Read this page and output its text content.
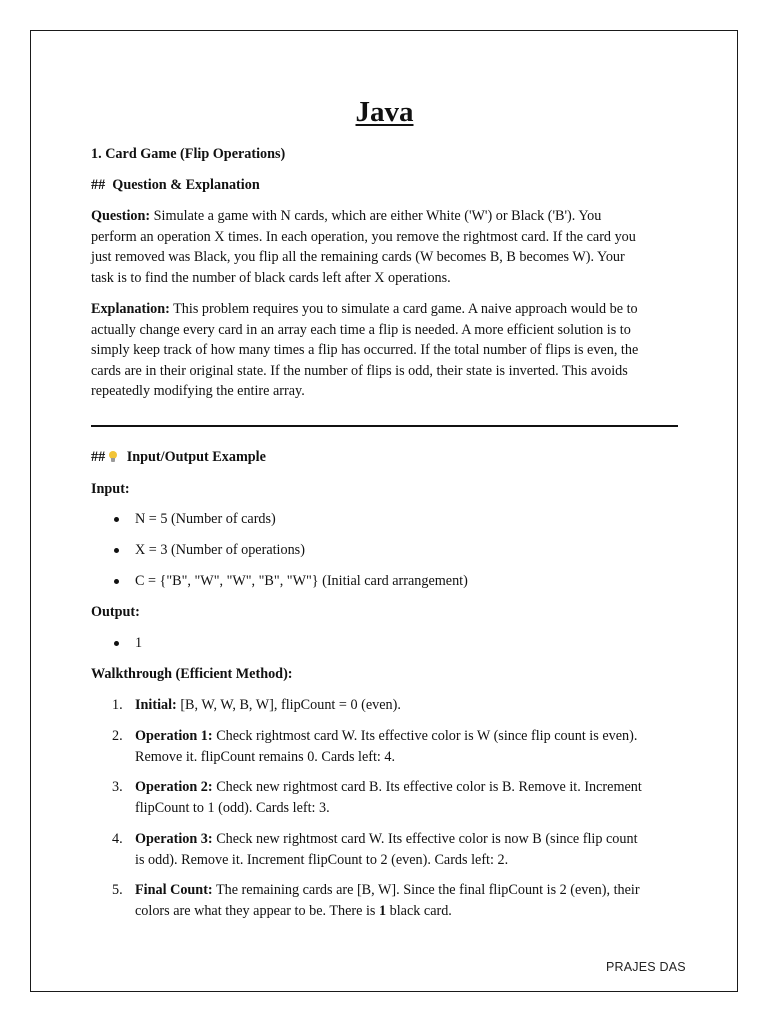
Java

1. Card Game (Flip Operations)

## Question & Explanation

Question: Simulate a game with N cards, which are either White ('W') or Black ('B'). You

perform an operation X times. In each operation, you remove the rightmost card. If the card you

just removed was Black, you flip all the remaining cards (W becomes B, B becomes W). Your

task is to find the number of black cards left after X operations.

Explanation: This problem requires you to simulate a card game. A naive approach would be to

actually change every card in an array each time a flip is needed. A more efficient solution is to

simply keep track of how many times a flip has occurred. If the total number of flips is even, the

cards are in their original state. If the number of flips is odd, their state is inverted. This avoids

repeatedly modifying the entire array.

## Input/Output Example

Input:

N = 5 (Number of cards)
X = 3 (Number of operations)
C = {"B", "W", "W", "B", "W"} (Initial card arrangement)

Output:

1

Walkthrough (Efficient Method):

1. Initial: [B, W, W, B, W], flipCount = 0 (even).

2. Operation 1: Check rightmost card W. Its effective color is W (since flip count is even).

Remove it. flipCount remains 0. Cards left: 4.

3. Operation 2: Check new rightmost card B. Its effective color is B. Remove it. Increment

flipCount to 1 (odd). Cards left: 3.

4. Operation 3: Check new rightmost card W. Its effective color is now B (since flip count

is odd). Remove it. Increment flipCount to 2 (even). Cards left: 2.

5. Final Count: The remaining cards are [B, W]. Since the final flipCount is 2 (even), their

colors are what they appear to be. There is 1 black card.

PRAJES DAS
